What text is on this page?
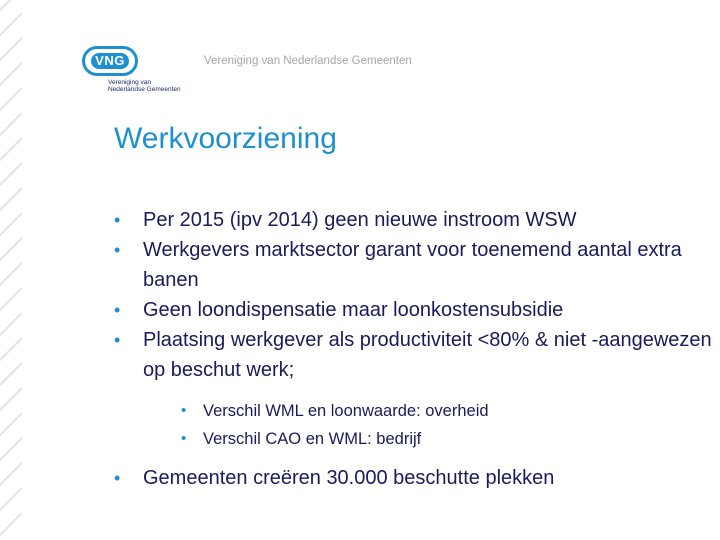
VNG
Vereniging van
Nederlandse Gemeenten
Vereniging van Nederlandse Gemeenten
Werkvoorziening
• Per 2015 (ipv 2014) geen nieuwe instroom WSW
• Werkgevers marktsector garant voor toenemend aantal extra banen
• Geen loondispensatie maar loonkostensubsidie
• Plaatsing werkgever als productiviteit <80% & niet -aangewezen op beschut werk;
• Verschil WML en loonwaarde: overheid
• Verschil CAO en WML: bedrijf
• Gemeenten creëren 30.000 beschutte plekken
